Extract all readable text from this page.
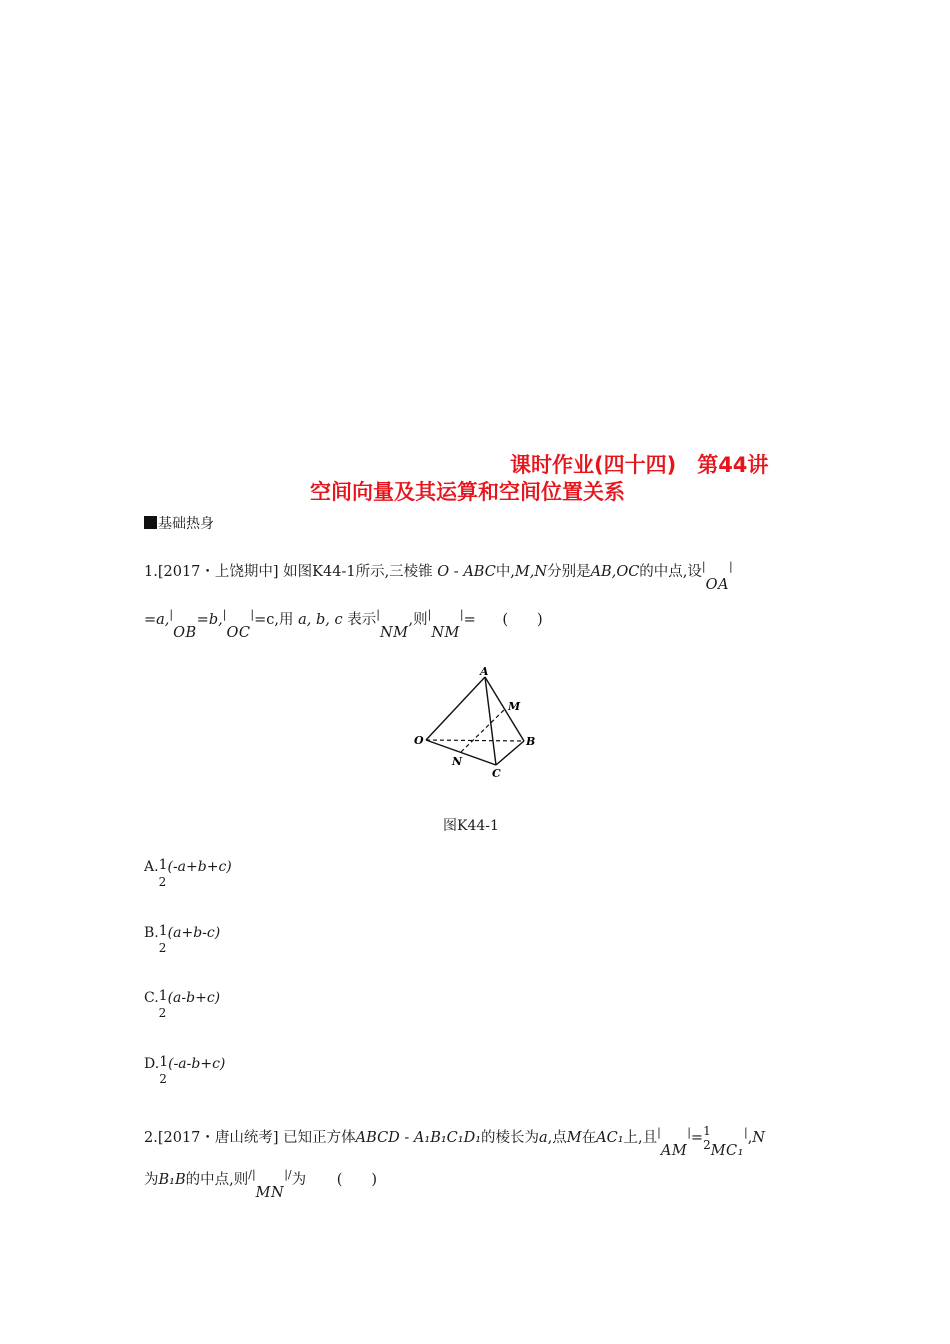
课时作业(四十四)　第44讲
空间向量及其运算和空间位置关系
基础热身
1.[2017・上饶期中] 如图K44-1所示,三棱锥 O - ABC中,M,N分别是AB,OC的中点,设|OA|
=a,|OB=b,|OC|=c,用 a, b, c 表示|NM,则|NM|= (　　)
A
M
O	B
N
C
图K44-1
A.1
2
(-a+b+c)
B.1
2
(a+b-c)
C.1
2
(a-b+c)
D.1
2
(-a-b+c)
2.[2017・唐山统考] 已知正方体ABCD - A₁B₁C₁D₁的棱长为a,点M在AC₁上,且|AM|=1
2MC₁|,N
为B₁B的中点,则/|MN|/为 (　　)
